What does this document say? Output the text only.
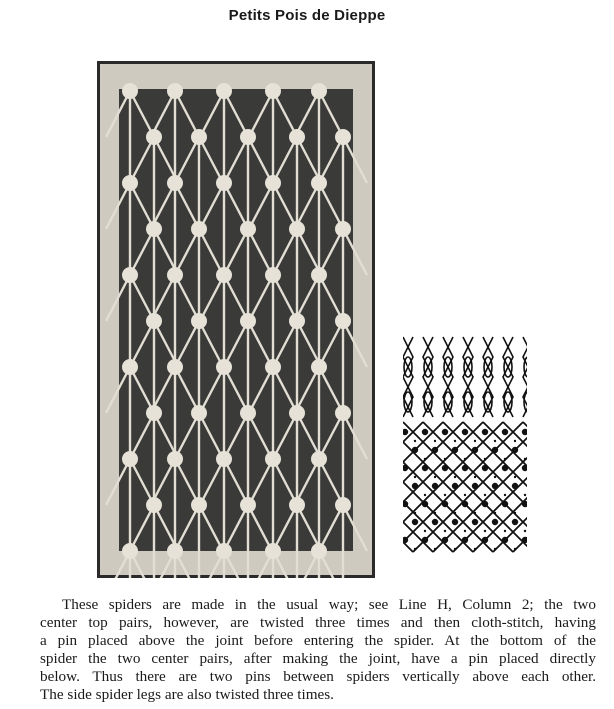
Petits Pois de Dieppe
These spiders are made in the usual way; see Line H, Column 2; the two
center top pairs, however, are twisted three times and then cloth-stitch, having
a pin placed above the joint before entering the spider. At the bottom of the
spider the two center pairs, after making the joint, have a pin placed directly
below. Thus there are two pins between spiders vertically above each other.
The side spider legs are also twisted three times.
